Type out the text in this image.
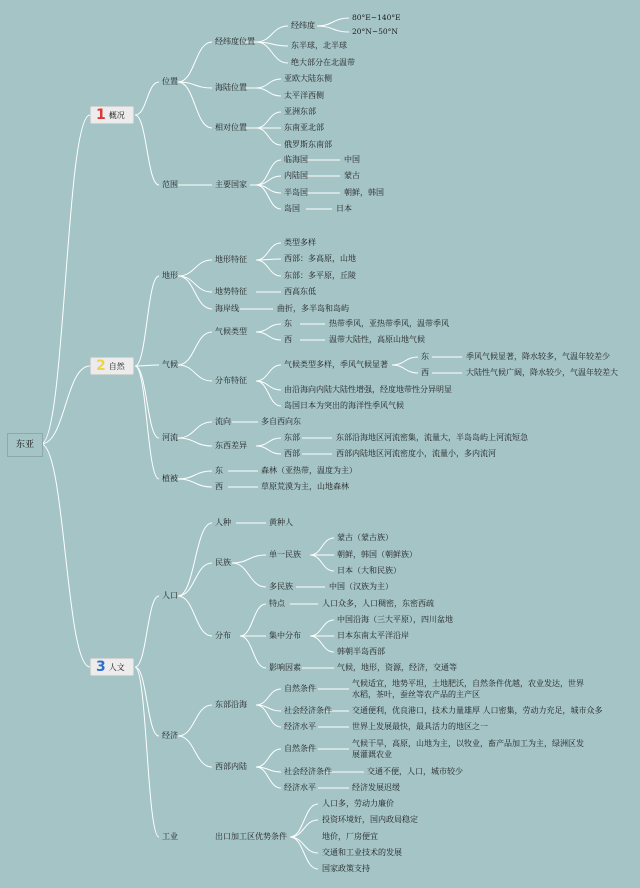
东亚
1 概况
2 自然
3 人文
位置
经纬度位置
经纬度
80°E~140°E
20°N~50°N
东半球，北半球
绝大部分在北温带
海陆位置
亚欧大陆东侧
太平洋西侧
相对位置
亚洲东部
东南亚北部
俄罗斯东南部
范围	主要国家
临海国	中国
内陆国	蒙古
半岛国	朝鲜，韩国
岛国	日本
地形
地形特征
类型多样
西部：多高原，山地
东部：多平原，丘陵
地势特征	西高东低
海岸线	曲折，多半岛和岛屿
气候
气候类型
东	热带季风，亚热带季风，温带季风
西	温带大陆性，高原山地气候
分布特征
气候类型多样，季风气候显著
东	季风气候显著，降水较多，气温年较差少
西	大陆性气候广阔，降水较少，气温年较差大
由沿海向内陆大陆性增强，经度地带性分异明显
岛国日本为突出的海洋性季风气候
河流
流向	多自西向东
东西差异
东部	东部沿海地区河流密集，流量大，半岛岛屿上河流短急
西部	西部内陆地区河流密度小，流量小，多内流河
植被
东	森林（亚热带，温度为主）
西	草原荒漠为主，山地森林
人口
人种	黄种人
民族
单一民族
蒙古（蒙古族）
朝鲜，韩国（朝鲜族）
日本（大和民族）
多民族	中国（汉族为主）
分布
特点	人口众多，人口稠密，东密西疏
集中分布
中国沿海（三大平原），四川盆地
日本东南太平洋沿岸
韩朝半岛西部
影响因素	气候，地形，资源，经济，交通等
经济
东部沿海
自然条件
气候适宜，地势平坦，土地肥沃，自然条件优越，农业发达，世界水稻，茶叶，蚕丝等农产品的主产区
社会经济条件	交通便利，优良港口，技术力量雄厚 人口密集，劳动力充足，城市众多
经济水平	世界上发展最快，最具活力的地区之一
西部内陆
自然条件
气候干旱，高原，山地为主，以牧业，畜产品加工为主，绿洲区发展灌溉农业
社会经济条件	交通不便，人口，城市较少
经济水平	经济发展迟缓
工业	出口加工区优势条件
人口多，劳动力廉价
投资环境好，国内政局稳定
地价，厂房便宜
交通和工业技术的发展
国家政策支持
